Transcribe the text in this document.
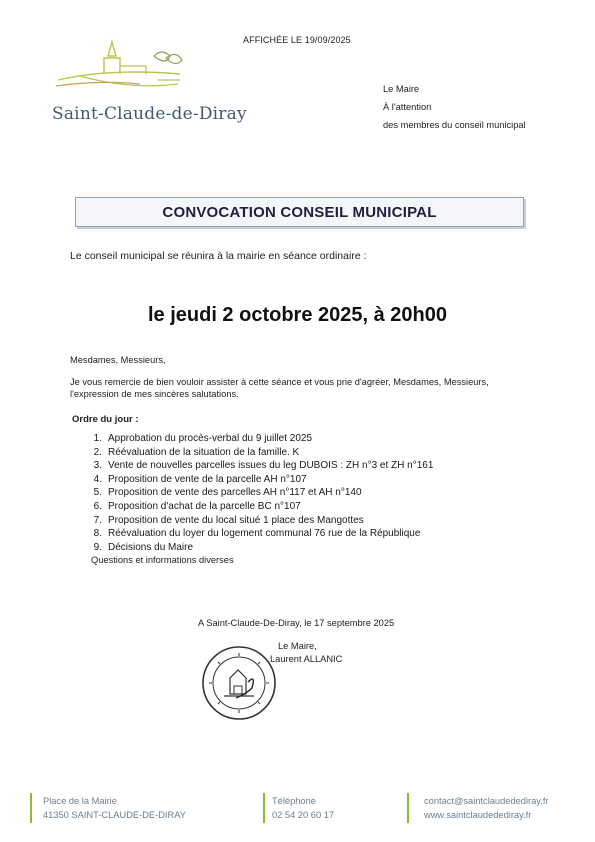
AFFICHÉE LE 19/09/2025
Saint-Claude-de-Diray
Le Maire
À l'attention
des membres du conseil municipal
CONVOCATION CONSEIL MUNICIPAL
Le conseil municipal se réunira à la mairie en séance ordinaire :
le jeudi 2 octobre 2025, à 20h00
Mesdames, Messieurs,
Je vous remercie de bien vouloir assister à cette séance et vous prie d'agréer, Mesdames, Messieurs, l'expression de mes sincères salutations.
Ordre du jour :
1. Approbation du procès-verbal du 9 juillet 2025
2. Réévaluation de la situation de la famille. K
3. Vente de nouvelles parcelles issues du leg DUBOIS : ZH n°3 et ZH n°161
4. Proposition de vente de la parcelle AH n°107
5. Proposition de vente des parcelles AH n°117 et AH n°140
6. Proposition d'achat de la parcelle BC n°107
7. Proposition de vente du local situé 1 place des Mangottes
8. Réévaluation du loyer du logement communal 76 rue de la République
9. Décisions du Maire
Questions et informations diverses
A Saint-Claude-De-Diray, le 17 septembre 2025
Le Maire,
Laurent ALLANIC
Place de la Mairie
41350 SAINT-CLAUDE-DE-DIRAY
Téléphone
02 54 20 60 17
contact@saintclaudedediray.fr
www.saintclaudedediray.fr
